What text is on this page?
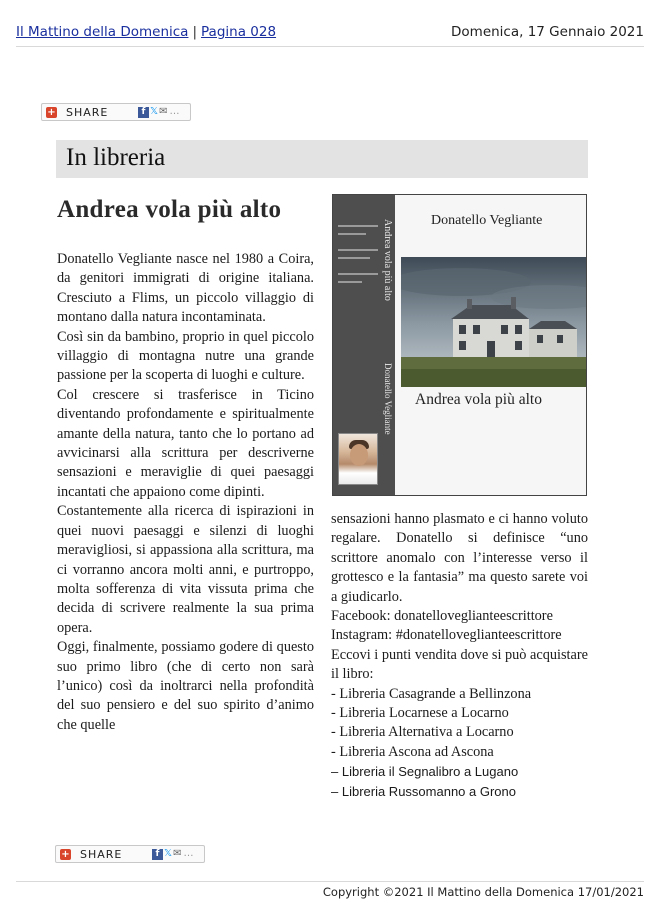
Il Mattino della Domenica | Pagina 028	Domenica, 17 Gennaio 2021
+ SHARE	f 𝕏✉ …
In libreria
Andrea vola più alto

Donatello Vegliante nasce nel 1980 a Coira, da genitori immigrati di origine italiana. Cresciuto a Flims, un piccolo villaggio di montano dalla natura incontaminata.

Così sin da bambino, proprio in quel piccolo villaggio di montagna nutre una grande passione per la scoperta di luoghi e culture.

Col crescere si trasferisce in Ticino diventando profondamente e spiritualmente amante della natura, tanto che lo portano ad avvicinarsi alla scrittura per descriverne sensazioni e meraviglie di quei paesaggi incantati che appaiono come dipinti.

Costantemente alla ricerca di ispirazioni in quei nuovi paesaggi e silenzi di luoghi meravigliosi, si appassiona alla scrittura, ma ci vorranno ancora molti anni, e purtroppo, molta sofferenza di vita vissuta prima che decida di scrivere realmente la sua prima opera.

Oggi, finalmente, possiamo godere di questo suo primo libro (che di certo non sarà l’unico) così da inoltrarci nella profondità del suo pensiero e del suo spirito d’animo che quelle

Andrea vola più alto
Donatello Vegliante
Donatello Vegliante
Andrea vola più alto

sensazioni hanno plasmato e ci hanno voluto regalare. Donatello si definisce “uno scrittore anomalo con l’interesse verso il grottesco e la fantasia” ma questo sarete voi a giudicarlo.

Facebook: donatelloveglianteescrittore

Instagram: #donatelloveglianteescrittore

Eccovi i punti vendita dove si può acquistare il libro:

- Libreria Casagrande a Bellinzona

- Libreria Locarnese a Locarno

- Libreria Alternativa a Locarno

- Libreria Ascona ad Ascona

– Libreria il Segnalibro a Lugano

– Libreria Russomanno a Grono

+ SHARE	f 𝕏✉ …
Copyright ©2021 Il Mattino della Domenica 17/01/2021
